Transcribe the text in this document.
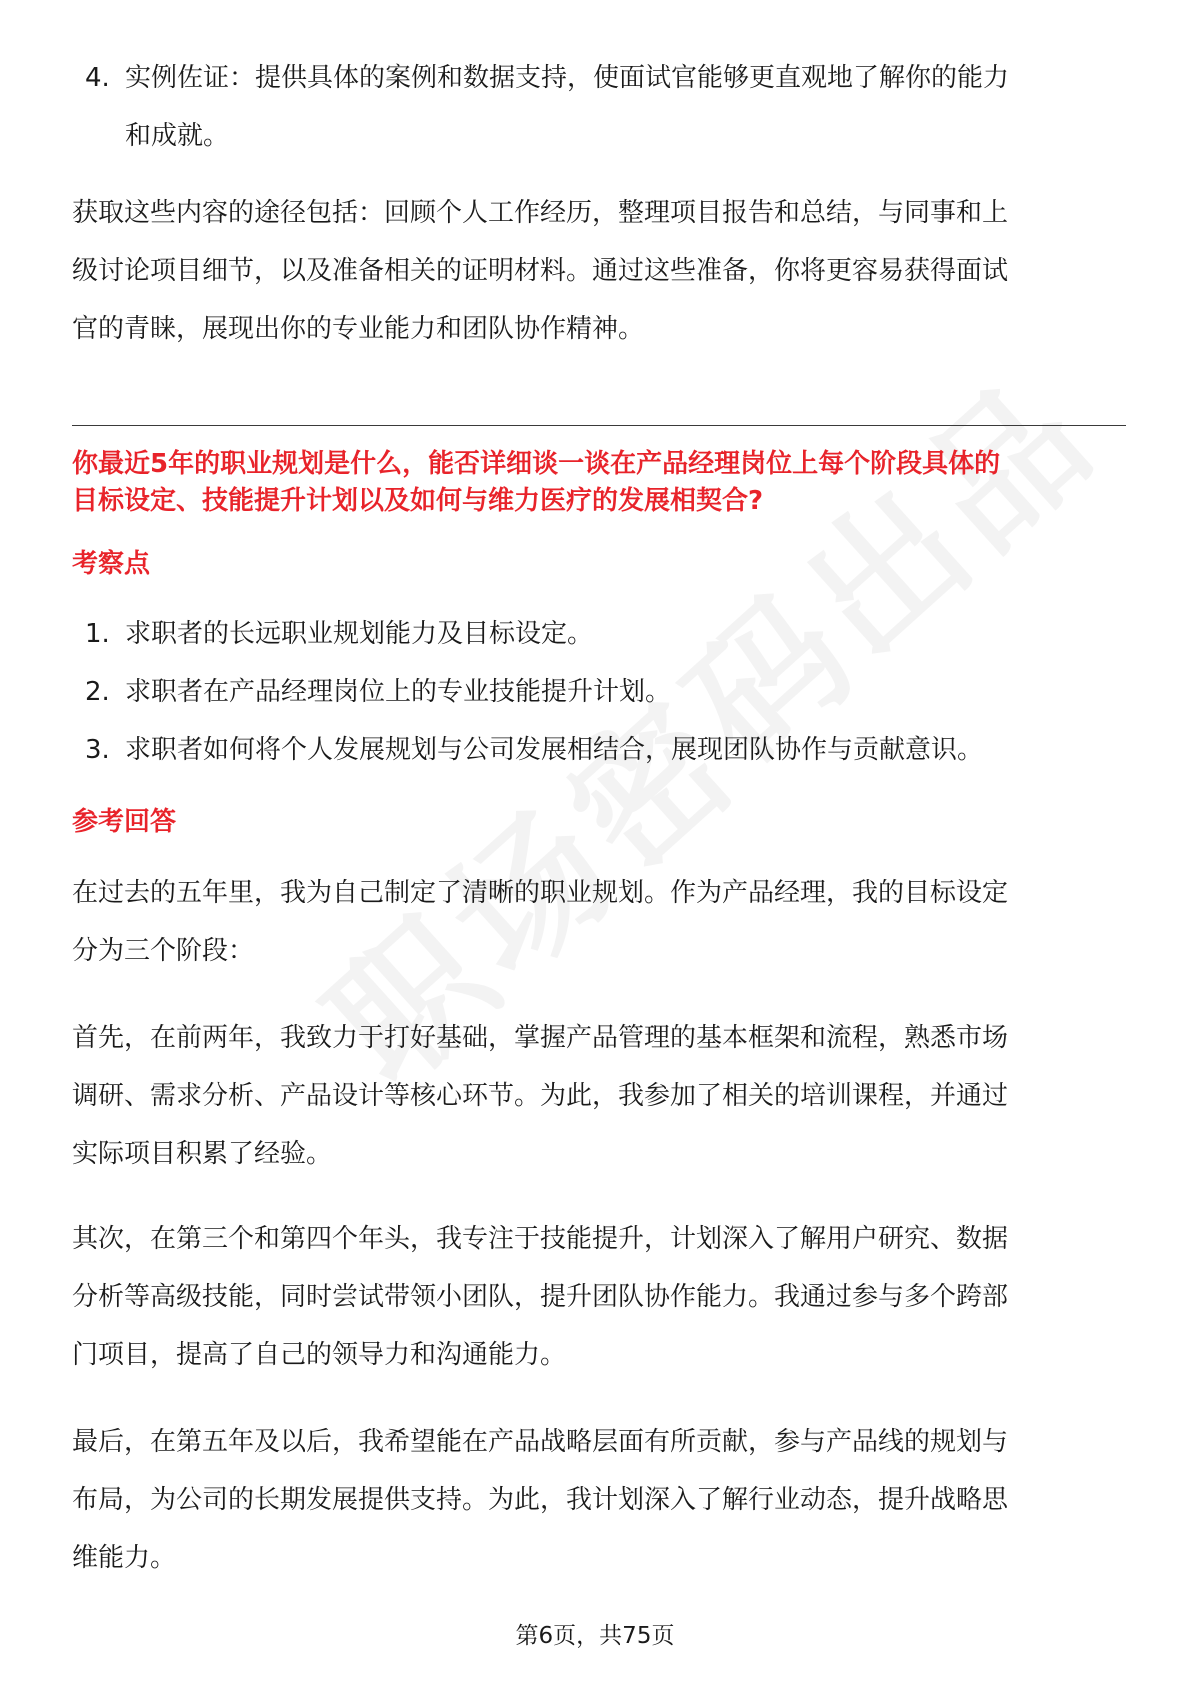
4. 实例佐证：提供具体的案例和数据支持，使面试官能够更直观地了解你的能力
和成就。
获取这些内容的途径包括：回顾个人工作经历，整理项目报告和总结，与同事和上
级讨论项目细节，以及准备相关的证明材料。通过这些准备，你将更容易获得面试
官的青睐，展现出你的专业能力和团队协作精神。
你最近5年的职业规划是什么，能否详细谈一谈在产品经理岗位上每个阶段具体的
目标设定、技能提升计划以及如何与维力医疗的发展相契合?
考察点
1. 求职者的长远职业规划能力及目标设定。
2. 求职者在产品经理岗位上的专业技能提升计划。
3. 求职者如何将个人发展规划与公司发展相结合，展现团队协作与贡献意识。
参考回答
在过去的五年里，我为自己制定了清晰的职业规划。作为产品经理，我的目标设定
分为三个阶段：
首先，在前两年，我致力于打好基础，掌握产品管理的基本框架和流程，熟悉市场
调研、需求分析、产品设计等核心环节。为此，我参加了相关的培训课程，并通过
实际项目积累了经验。
其次，在第三个和第四个年头，我专注于技能提升，计划深入了解用户研究、数据
分析等高级技能，同时尝试带领小团队，提升团队协作能力。我通过参与多个跨部
门项目，提高了自己的领导力和沟通能力。
最后，在第五年及以后，我希望能在产品战略层面有所贡献，参与产品线的规划与
布局，为公司的长期发展提供支持。为此，我计划深入了解行业动态，提升战略思
维能力。
第6页，共75页
